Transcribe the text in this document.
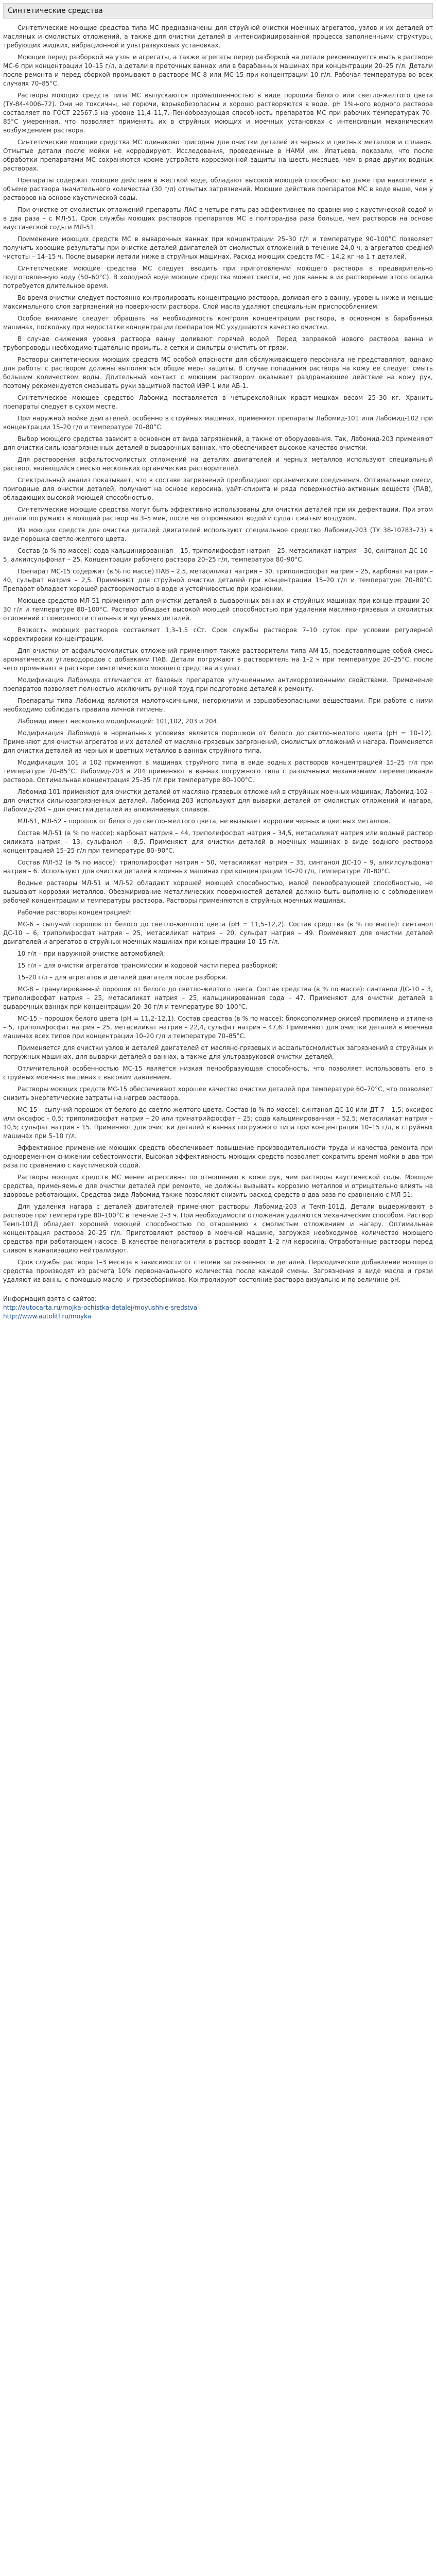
Синтетические средства

Синтетические моющие средства типа МС предназначены для струйной очистки моечных агрегатов, узлов и их деталей от масляных и смолистых отложений, а также для очистки деталей в интенсифицированной процесса заполненными структуры, требующих жидких, вибрационной и ультразвуковых установках.

Моющие перед разборкой на узлы и агрегаты, а также агрегаты перед разборкой на детали рекомендуется мыть в растворе МС-6 при концентрации 10–15 г/л, а детали в проточных ваннах или в барабанных машинах при концентрации 20–25 г/л. Детали после ремонта и перед сборкой промывают в растворе МС-8 или МС-15 при концентрации 10 г/л. Рабочая температура во всех случаях 70–85°С.

Растворы моющих средств типа МС выпускаются промышленностью в виде порошка белого или светло-желтого цвета (ТУ-84-4006–72). Они не токсичны, не горючи, взрывобезопасны и хорошо растворяются в воде. рН 1%-ного водного раствора составляет по ГОСТ 22567.5 на уровне 11,4–11,7. Пенообразующая способность препаратов МС при рабочих температурах 70–85°С умеренная, что позволяет применять их в струйных моющих и моечных установках с интенсивным механическим возбуждением раствора.

Синтетические моющие средства МС одинаково пригодны для очистки деталей из черных и цветных металлов и сплавов. Отмытые детали после мойки не корродируют. Исследования, проведенные в НАМИ им. Ипатьева, показали, что после обработки препаратами МС сохраняются кроме устройств коррозионной защиты на шесть месяцев, чем в ряде других водных растворах.

Препараты содержат моющие действия в жесткой воде, обладают высокой моющей способностью даже при накоплении в объеме раствора значительного количества (30 г/л) отмытых загрязнений. Моющие действия препаратов МС в воде выше, чем у растворов на основе каустической соды.

При очистке от смолистых отложений препараты ЛАС в четыре-пять раз эффективнее по сравнению с каустической содой и в два раза – с МЛ-51. Срок службы моющих растворов препаратов МС в полтора-два раза больше, чем растворов на основе каустической соды и МЛ-51.

Применение моющих средств МС в выварочных ваннах при концентрации 25–30 г/л и температуре 90–100°С позволяет получить хорошие результаты при очистке деталей двигателей от смолистых отложений в течение 24,0 ч, а агрегатов средней чистоты – 14–15 ч. После выварки летали ниже в струйных машинах. Расход моющих средств МС – 14,2 кг на 1 т деталей.

Синтетические моющие средства МС следует вводить при приготовлении моющего раствора в предварительно подготовленную воду (50–60°С). В холодной воде моющие средства может свести, но для ванны в их растворение этого осадка потребуется длительное время.

Во время очистки следует постоянно контролировать концентрацию раствора, доливая его в ванну, уровень ниже и меньше максимального слоя загрязнений на поверхности раствора. Слой масла удаляют специальным приспособлением.

Особое внимание следует обращать на необходимость контроля концентрации раствора, в основном в барабанных машинах, поскольку при недостатке концентрации препаратов МС ухудшаются качество очистки.

В случае снижения уровня раствора ванну доливают горячей водой. Перед заправкой нового раствора ванна и трубопроводы необходимо тщательно промыть, а сетки и фильтры очистить от грязи.

Растворы синтетических моющих средств МС особой опасности для обслуживающего персонала не представляют, однако для работы с раствором должны выполняться общие меры защиты. В случае попадания раствора на кожу ее следует смыть большим количеством воды. Длительный контакт с моющим раствором оказывает раздражающее действие на кожу рук, поэтому рекомендуется смазывать руки защитной пастой ИЭР-1 или АБ-1.

Синтетическое моющее средство Лабомид поставляется в четырехслойных крафт-мешках весом 25–30 кг. Хранить препараты следует в сухом месте.

При наружной мойке двигателей, особенно в струйных машинах, применяют препараты Лабомид-101 или Лабомид-102 при концентрации 15–20 г/л и температуре 70–80°С.

Выбор моющего средства зависит в основном от вида загрязнений, а также от оборудования. Так, Лабомид-203 применяют для очистки сильнозагрязненных деталей в выварочных ваннах, что обеспечивает высокое качество очистки.

Для растворения асфальтосмолистых отложений на деталях двигателей и черных металлов используют специальный раствор, являющийся смесью нескольких органических растворителей.

Спектральный анализ показывает, что в составе загрязнений преобладают органические соединения. Оптимальные смеси, пригодные для очистки деталей, получают на основе керосина, уайт-спирита и ряда поверхностно-активных веществ (ПАВ), обладающих высокой моющей способностью.

Синтетические моющие средства могут быть эффективно использованы для очистки деталей при их дефектации. При этом детали погружают в моющий раствор на 3–5 мин, после чего промывают водой и сушат сжатым воздухом.

Из моющих средств для очистки деталей двигателей используют специальное средство Лабомид-203 (ТУ 38-10783–73) в виде порошка светло-желтого цвета.

Состав (в % по массе): сода кальцинированная – 15, триполифосфат натрия – 25, метасиликат натрия – 30, синтанол ДС-10 – 5, алкилсульфонат – 25. Концентрация рабочего раствора 20–25 г/л, температура 80–90°С.

Препарат МС-15 содержит (в % по массе) ПАВ – 2,5, метасиликат натрия – 30, триполифосфат натрия – 25, карбонат натрия – 40, сульфат натрия – 2,5. Применяют для струйной очистки деталей при концентрации 15–20 г/л и температуре 70–80°С. Препарат обладает хорошей растворимостью в воде и устойчивостью при хранении.

Моющее средство МЛ-51 применяют для очистки деталей в выварочных ваннах и струйных машинах при концентрации 20–30 г/л и температуре 80–100°С. Раствор обладает высокой моющей способностью при удалении масляно-грязевых и смолистых отложений с поверхности стальных и чугунных деталей.

Вязкость моющих растворов составляет 1,3–1,5 сСт. Срок службы растворов 7–10 суток при условии регулярной корректировки концентрации.

Для очистки от асфальтосмолистых отложений применяют также растворители типа АМ-15, представляющие собой смесь ароматических углеводородов с добавками ПАВ. Детали погружают в растворитель на 1–2 ч при температуре 20–25°С, после чего промывают в растворе синтетического моющего средства и сушат.

Модификация Лабомида отличается от базовых препаратов улучшенными антикоррозионными свойствами. Применение препаратов позволяет полностью исключить ручной труд при подготовке деталей к ремонту.

Препараты типа Лабомид являются малотоксичными, негорючими и взрывобезопасными веществами. При работе с ними необходимо соблюдать правила личной гигиены.

Лабомид имеет несколько модификаций: 101,102, 203 и 204.

Модификация Лабомида в нормальных условиях является порошком от белого до светло-желтого цвета (рН = 10–12). Применяют для очистки агрегатов и их деталей от масляно-грязевых загрязнений, смолистых отложений и нагара. Применяется для очистки деталей из черных и цветных металлов в ваннах струйного типа.

Модификация 101 и 102 применяют в машинах струйного типа в виде водных растворов концентрацией 15–25 г/л при температуре 70–85°С. Лабомид-203 и 204 применяют в ваннах погружного типа с различными механизмами перемешивания раствора. Оптимальная концентрация 25–35 г/л при температуре 80–100°С.

Лабомид-101 применяют для очистки деталей от масляно-грязевых отложений в струйных моечных машинах, Лабомид-102 – для очистки сильнозагрязненных деталей. Лабомид-203 используют для выварки деталей от смолистых отложений и нагара, Лабомид-204 – для очистки деталей из алюминиевых сплавов.

МЛ-51, МЛ-52 – порошок от белого до светло-желтого цвета, не вызывает коррозии черных и цветных металлов.

Состав МЛ-51 (в % по массе): карбонат натрия – 44, триполифосфат натрия – 34,5, метасиликат натрия или водный раствор силиката натрия – 13, сульфанол – 8,5. Применяют для очистки деталей в моечных машинах в виде водного раствора концентрацией 15–25 г/л при температуре 80–90°С.

Состав МЛ-52 (в % по массе): триполифосфат натрия – 50, метасиликат натрия – 35, синтанол ДС-10 – 9, алкилсульфонат натрия – 6. Используют для очистки деталей в моечных машинах при концентрации 10–20 г/л, температуре 70–80°С.

Водные растворы МЛ-51 и МЛ-52 обладают хорошей моющей способностью, малой пенообразующей способностью, не вызывают коррозии металлов. Обезжиривание металлических поверхностей деталей должно быть выполнено с соблюдением рабочей концентрации и температуры раствора. Растворы применяются в струйных моечных машинах.

Рабочие растворы концентрацией:

МС-6 – сыпучий порошок от белого до светло-желтого цвета (рН = 11,5–12,2). Состав средства (в % по массе): синтанол ДС-10 – 6, триполифосфат натрия – 25, метасиликат натрия – 20, сульфат натрия – 49. Применяют для очистки деталей двигателей и агрегатов в струйных моечных машинах при концентрации 10–15 г/л.

10 г/л – при наружной очистке автомобилей;

15 г/л – для очистки агрегатов трансмиссии и ходовой части перед разборкой;

15–20 г/л – для агрегатов и деталей двигателя после разборки.

МС-8 – гранулированный порошок от белого до светло-желтого цвета. Состав средства (в % по массе): синтанол ДС-10 – 3, триполифосфат натрия – 25, метасиликат натрия – 25, кальцинированная сода – 47. Применяют для очистки деталей в выварочных ваннах при концентрации 20–30 г/л и температуре 80–100°С.

МС-15 – порошок белого цвета (рН = 11,2–12,1). Состав средства (в % по массе): блоксополимер окисей пропилена и этилена – 5, триполифосфат натрия – 25, метасиликат натрия – 22,4, сульфат натрия – 47,6. Применяют для очистки деталей в моечных машинах всех типов при концентрации 10–20 г/л и температуре 70–85°С.

Применяется для очистки узлов и деталей двигателей от масляно-грязевых и асфальтосмолистых загрязнений в струйных и погружных машинах, для выварки деталей в ваннах, а также для ультразвуковой очистки деталей.

Отличительной особенностью МС-15 является низкая пенообразующая способность, что позволяет использовать его в струйных моечных машинах с высоким давлением.

Растворы моющих средств МС-15 обеспечивают хорошее качество очистки деталей при температуре 60–70°С, что позволяет снизить энергетические затраты на нагрев раствора.

МС-15 – сыпучий порошок от белого до светло-желтого цвета. Состав (в % по массе): синтанол ДС-10 или ДТ-7 – 1,5; оксифос или оксафос – 0,5; триполифосфат натрия – 20 или тринатрийфосфат – 25; сода кальцинированная – 52,5; метасиликат натрия – 10,5; сульфат натрия – 15. Применяют для очистки деталей в ваннах погружного типа при концентрации 10–15 г/л, в струйных машинах при 5–10 г/л.

Эффективное применение моющих средств обеспечивает повышение производительности труда и качества ремонта при одновременном снижении себестоимости. Высокая эффективность моющих средств позволяет сократить время мойки в два-три раза по сравнению с каустической содой.

Растворы моющих средств МС менее агрессивны по отношению к коже рук, чем растворы каустической соды. Моющие средства, применяемые для очистки деталей при ремонте, не должны вызывать коррозию металлов и отрицательно влиять на здоровье работающих. Средства вида Лабомид также позволяют снизить расход средств в два раза по сравнению с МЛ-51.

Для удаления нагара с деталей двигателей применяют растворы Лабомид-203 и Темп-101Д. Детали выдерживают в растворе при температуре 80–100°С в течение 2–3 ч. При необходимости отложения удаляются механическим способом. Раствор Темп-101Д обладает хорошей моющей способностью по отношению к смолистым отложениям и нагару. Оптимальная концентрация раствора 20–25 г/л. Приготовляют раствор в моечной машине, загружая необходимое количество моющего средства при работающем насосе. В качестве пеногасителя в раствор вводят 1–2 г/л керосина. Отработанные растворы перед сливом в канализацию нейтрализуют.

Срок службы раствора 1–3 месяца в зависимости от степени загрязненности деталей. Периодическое добавление моющего средства производят из расчета 10% первоначального количества после каждой смены. Загрязнения в виде масла и грязи удаляют из ванны с помощью масло- и грязесборников. Контролируют состояние раствора визуально и по величине рН.

Информация взята с сайтов:
http://autocarta.ru/mojka-ochistka-detalej/moyushhie-sredstva
http://www.autolitl.ru/moyka
